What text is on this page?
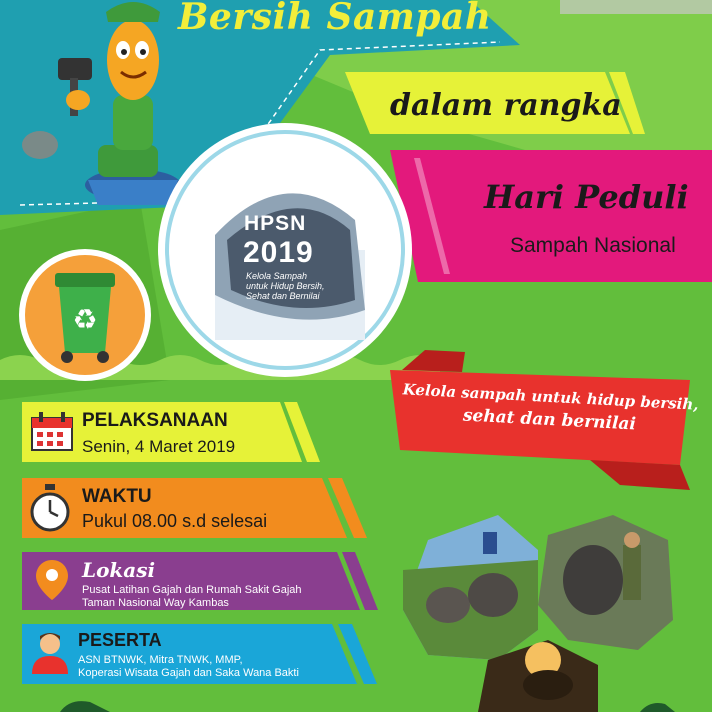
Bersih Sampah
dalam rangka
Hari Peduli
Sampah Nasional
HPSN
2019
Kelola Sampah
untuk Hidup Bersih,
Sehat dan Bernilai
♻
Kelola sampah untuk hidup bersih,
sehat dan bernilai
PELAKSANAAN
Senin, 4 Maret 2019
WAKTU
Pukul 08.00 s.d selesai
Lokasi
Pusat Latihan Gajah dan Rumah Sakit Gajah
Taman Nasional Way Kambas
PESERTA
ASN BTNWK, Mitra TNWK, MMP,
Koperasi Wisata Gajah dan Saka Wana Bakti
